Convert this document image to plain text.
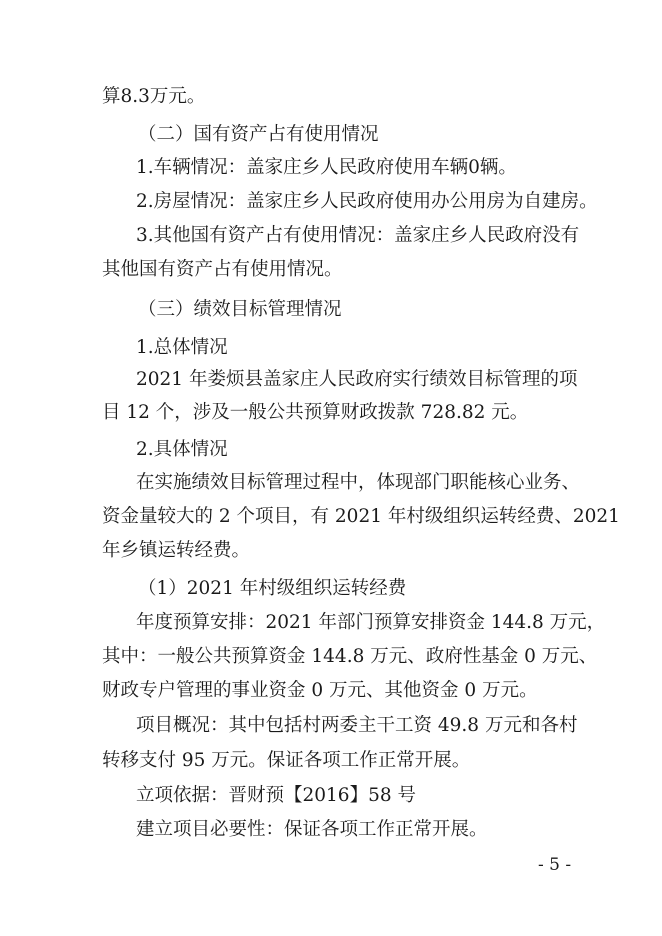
算8.3万元。
（二）国有资产占有使用情况
1.车辆情况：盖家庄乡人民政府使用车辆0辆。
2.房屋情况：盖家庄乡人民政府使用办公用房为自建房。
3.其他国有资产占有使用情况：盖家庄乡人民政府没有
其他国有资产占有使用情况。
（三）绩效目标管理情况
1.总体情况
2021 年娄烦县盖家庄人民政府实行绩效目标管理的项
目 12 个，涉及一般公共预算财政拨款 728.82 元。
2.具体情况
在实施绩效目标管理过程中，体现部门职能核心业务、
资金量较大的 2 个项目，有 2021 年村级组织运转经费、2021
年乡镇运转经费。
（1）2021 年村级组织运转经费
年度预算安排：2021 年部门预算安排资金 144.8 万元，
其中：一般公共预算资金 144.8 万元、政府性基金 0 万元、
财政专户管理的事业资金 0 万元、其他资金 0 万元。
项目概况：其中包括村两委主干工资 49.8 万元和各村
转移支付 95 万元。保证各项工作正常开展。
立项依据：晋财预【2016】58 号
建立项目必要性：保证各项工作正常开展。
- 5 -
